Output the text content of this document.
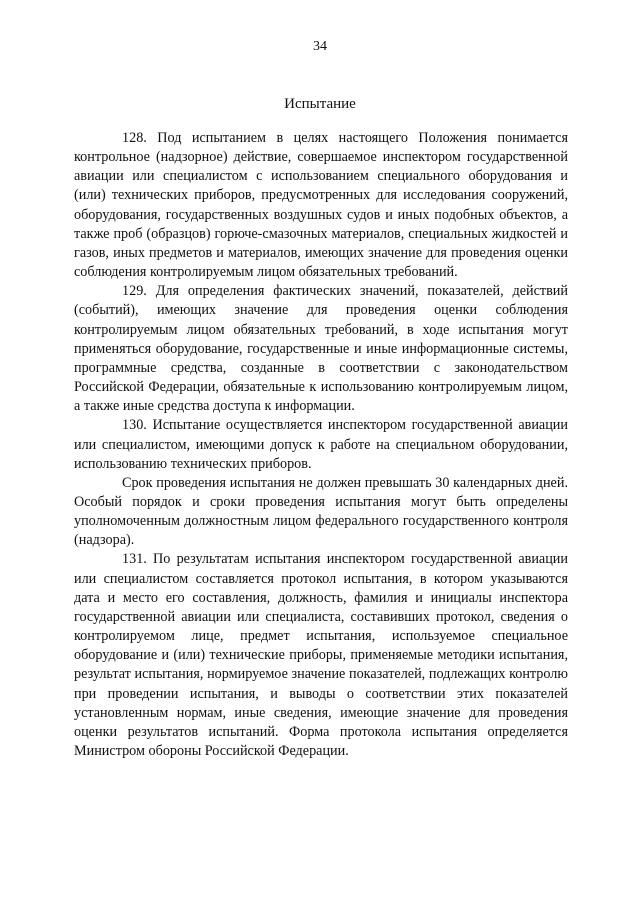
34
Испытание

128. Под испытанием в целях настоящего Положения понимается контрольное (надзорное) действие, совершаемое инспектором государственной авиации или специалистом с использованием специального оборудования и (или) технических приборов, предусмотренных для исследования сооружений, оборудования, государственных воздушных судов и иных подобных объектов, а также проб (образцов) горюче-смазочных материалов, специальных жидкостей и газов, иных предметов и материалов, имеющих значение для проведения оценки соблюдения контролируемым лицом обязательных требований.

129. Для определения фактических значений, показателей, действий (событий), имеющих значение для проведения оценки соблюдения контролируемым лицом обязательных требований, в ходе испытания могут применяться оборудование, государственные и иные информационные системы, программные средства, созданные в соответствии с законодательством Российской Федерации, обязательные к использованию контролируемым лицом, а также иные средства доступа к информации.

130. Испытание осуществляется инспектором государственной авиации или специалистом, имеющими допуск к работе на специальном оборудовании, использованию технических приборов.

Срок проведения испытания не должен превышать 30 календарных дней. Особый порядок и сроки проведения испытания могут быть определены уполномоченным должностным лицом федерального государственного контроля (надзора).

131. По результатам испытания инспектором государственной авиации или специалистом составляется протокол испытания, в котором указываются дата и место его составления, должность, фамилия и инициалы инспектора государственной авиации или специалиста, составивших протокол, сведения о контролируемом лице, предмет испытания, используемое специальное оборудование и (или) технические приборы, применяемые методики испытания, результат испытания, нормируемое значение показателей, подлежащих контролю при проведении испытания, и выводы о соответствии этих показателей установленным нормам, иные сведения, имеющие значение для проведения оценки результатов испытаний. Форма протокола испытания определяется Министром обороны Российской Федерации.
